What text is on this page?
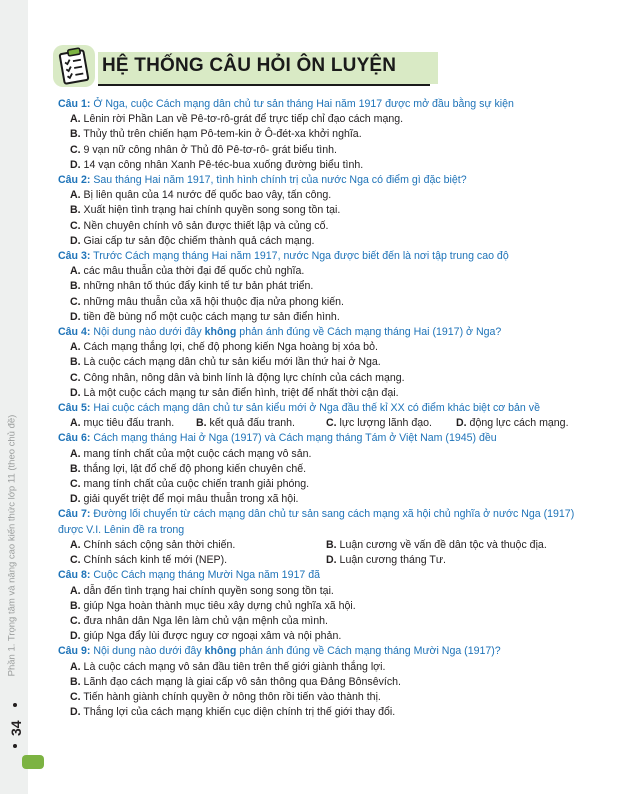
Phần 1. Trọng tâm và nâng cao kiến thức lớp 11 (theo chủ đề)
34
HỆ THỐNG CÂU HỎI ÔN LUYỆN

Câu 1: Ở Nga, cuộc Cách mạng dân chủ tư sản tháng Hai năm 1917 được mở đầu bằng sự kiện

A. Lênin rời Phần Lan về Pê-tơ-rô-grát để trực tiếp chỉ đạo cách mạng.
B. Thủy thủ trên chiến hạm Pô-tem-kin ở Ô-đét-xa khởi nghĩa.
C. 9 vạn nữ công nhân ở Thủ đô Pê-tơ-rô- grát biểu tình.
D. 14 vạn công nhân Xanh Pê-téc-bua xuống đường biểu tình.

Câu 2: Sau tháng Hai năm 1917, tình hình chính trị của nước Nga có điểm gì đặc biệt?

A. Bị liên quân của 14 nước đế quốc bao vây, tấn công.
B. Xuất hiện tình trạng hai chính quyền song song tồn tại.
C. Nền chuyên chính vô sản được thiết lập và củng cố.
D. Giai cấp tư sản độc chiếm thành quả cách mạng.

Câu 3: Trước Cách mạng tháng Hai năm 1917, nước Nga được biết đến là nơi tập trung cao độ

A. các mâu thuẫn của thời đại đế quốc chủ nghĩa.
B. những nhân tố thúc đẩy kinh tế tư bản phát triển.
C. những mâu thuẫn của xã hội thuộc địa nửa phong kiến.
D. tiền đề bùng nổ một cuộc cách mạng tư sản điển hình.

Câu 4: Nội dung nào dưới đây không phản ánh đúng về Cách mạng tháng Hai (1917) ở Nga?

A. Cách mạng thắng lợi, chế độ phong kiến Nga hoàng bị xóa bỏ.
B. Là cuộc cách mạng dân chủ tư sản kiểu mới lần thứ hai ở Nga.
C. Công nhân, nông dân và binh lính là động lực chính của cách mạng.
D. Là một cuộc cách mạng tư sản điển hình, triệt để nhất thời cận đại.

Câu 5: Hai cuộc cách mạng dân chủ tư sản kiểu mới ở Nga đầu thế kỉ XX có điểm khác biệt cơ bản về

A. mục tiêu đấu tranh.	B. kết quả đấu tranh.	C. lực lượng lãnh đạo.	D. động lực cách mạng.

Câu 6: Cách mạng tháng Hai ở Nga (1917) và Cách mạng tháng Tám ở Việt Nam (1945) đều

A. mang tính chất của một cuộc cách mạng vô sản.
B. thắng lợi, lật đổ chế độ phong kiến chuyên chế.
C. mang tính chất của cuộc chiến tranh giải phóng.
D. giải quyết triệt để mọi mâu thuẫn trong xã hội.

Câu 7: Đường lối chuyển từ cách mạng dân chủ tư sản sang cách mạng xã hội chủ nghĩa ở nước Nga (1917)

được V.I. Lênin đề ra trong

A. Chính sách cộng sản thời chiến.	B. Luận cương về vấn đề dân tộc và thuộc địa.
C. Chính sách kinh tế mới (NEP).	D. Luận cương tháng Tư.

Câu 8: Cuộc Cách mạng tháng Mười Nga năm 1917 đã

A. dẫn đến tình trạng hai chính quyền song song tồn tại.
B. giúp Nga hoàn thành mục tiêu xây dựng chủ nghĩa xã hội.
C. đưa nhân dân Nga lên làm chủ vận mệnh của mình.
D. giúp Nga đẩy lùi được nguy cơ ngoại xâm và nội phản.

Câu 9: Nội dung nào dưới đây không phản ánh đúng về Cách mạng tháng Mười Nga (1917)?

A. Là cuộc cách mạng vô sản đầu tiên trên thế giới giành thắng lợi.
B. Lãnh đạo cách mạng là giai cấp vô sản thông qua Đảng Bônsêvích.
C. Tiến hành giành chính quyền ở nông thôn rồi tiến vào thành thị.
D. Thắng lợi của cách mạng khiến cục diện chính trị thế giới thay đổi.
